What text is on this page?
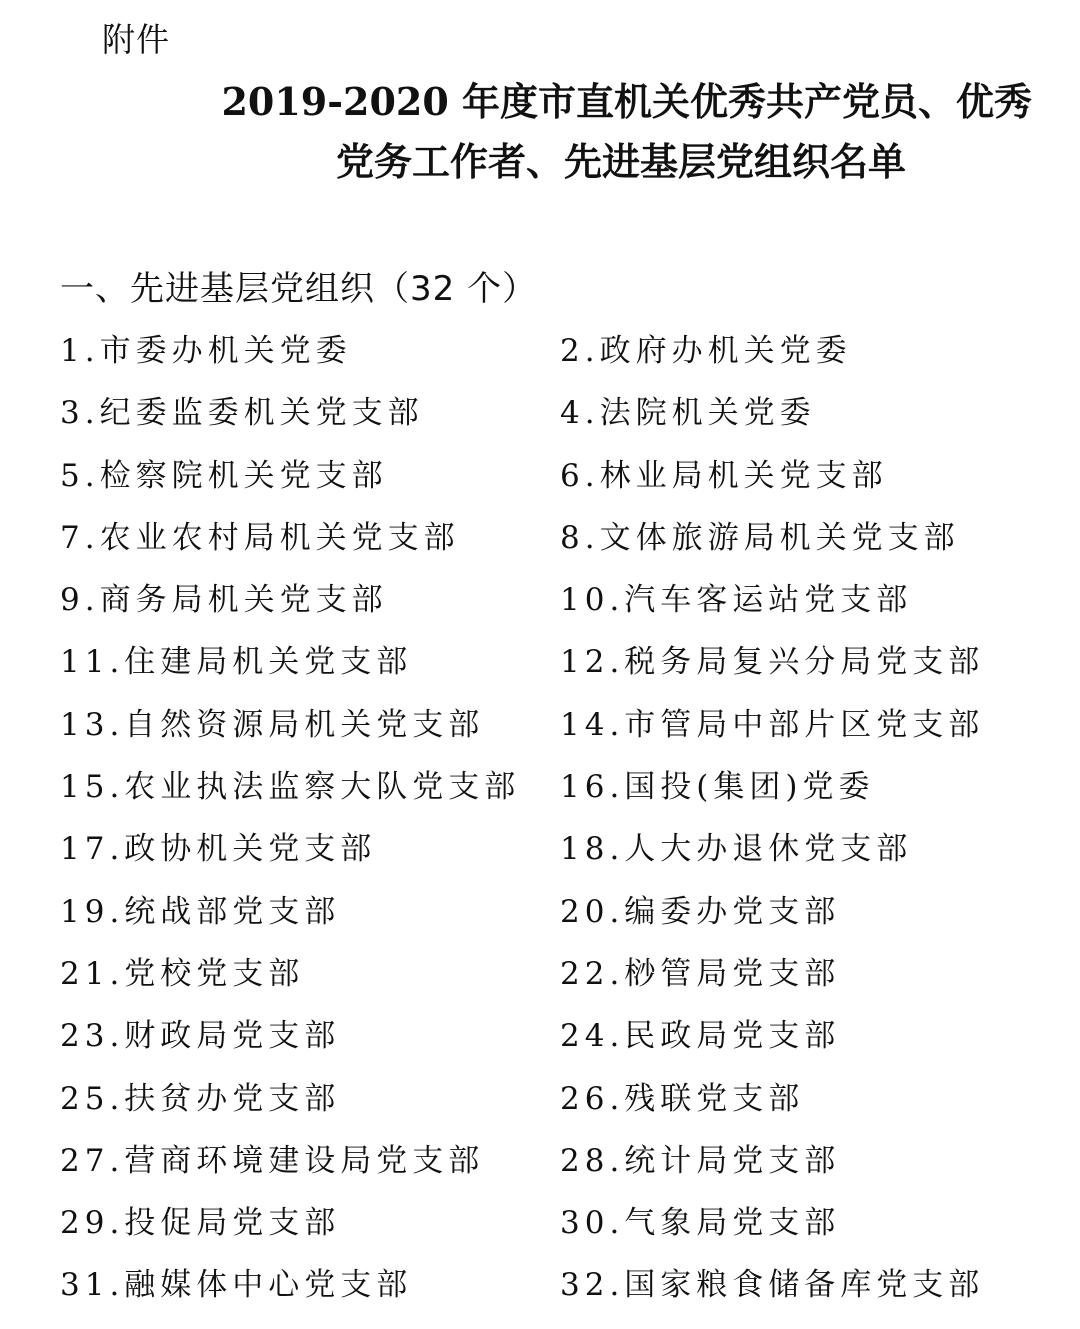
附件
2019-2020 年度市直机关优秀共产党员、优秀
党务工作者、先进基层党组织名单
一、先进基层党组织（32 个）
1.市委办机关党委	2.政府办机关党委
3.纪委监委机关党支部	4.法院机关党委
5.检察院机关党支部	6.林业局机关党支部
7.农业农村局机关党支部	8.文体旅游局机关党支部
9.商务局机关党支部	10.汽车客运站党支部
11.住建局机关党支部	12.税务局复兴分局党支部
13.自然资源局机关党支部	14.市管局中部片区党支部
15.农业执法监察大队党支部	16.国投(集团)党委
17.政协机关党支部	18.人大办退休党支部
19.统战部党支部	20.编委办党支部
21.党校党支部	22.桫管局党支部
23.财政局党支部	24.民政局党支部
25.扶贫办党支部	26.残联党支部
27.营商环境建设局党支部	28.统计局党支部
29.投促局党支部	30.气象局党支部
31.融媒体中心党支部	32.国家粮食储备库党支部
